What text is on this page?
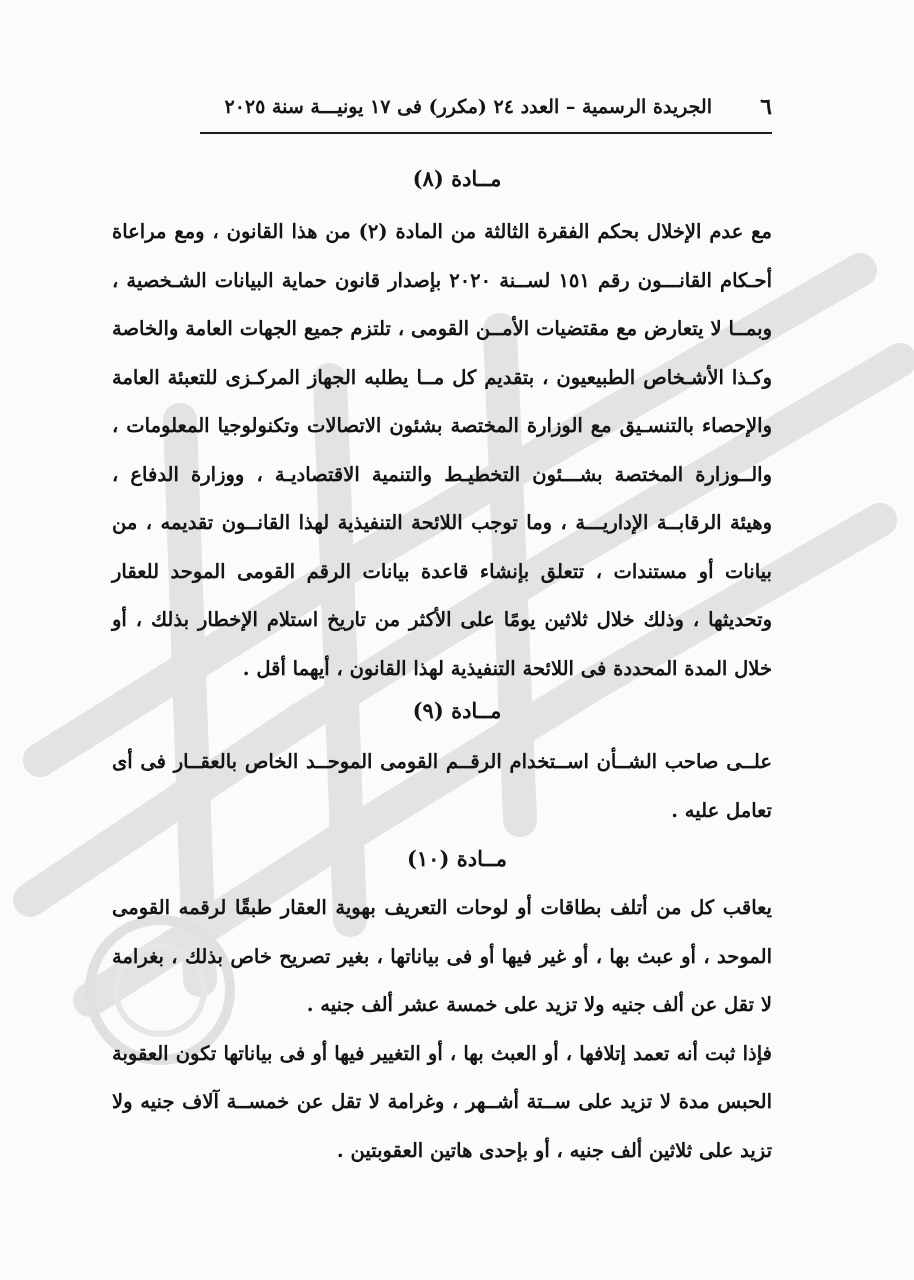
٦
الجريدة الرسمية – العدد ٢٤ (مكرر) فى ١٧ يونيـــة سنة ٢٠٢٥
مــادة (٨)

مع عدم الإخلال بحكم الفقرة الثالثة من المادة (٢) من هذا القانون ، ومع مراعاة أحـكام القانـــون رقم ١٥١ لســنة ٢٠٢٠ بإصدار قانون حماية البيانات الشـخصية ، وبمــا لا يتعارض مع مقتضيات الأمــن القومى ، تلتزم جميع الجهات العامة والخاصة وكـذا الأشـخاص الطبيعيون ، بتقديم كل مــا يطلبه الجهاز المركـزى للتعبئة العامة والإحصاء بالتنسـيق مع الوزارة المختصة بشئون الاتصالات وتكنولوجيا المعلومات ، والــوزارة المختصة بشـــئون التخطيـط والتنمية الاقتصاديـة ، ووزارة الدفاع ، وهيئة الرقابــة الإداريـــة ، وما توجب اللائحة التنفيذية لهذا القانــون تقديمه ، من بيانات أو مستندات ، تتعلق بإنشاء قاعدة بيانات الرقم القومى الموحد للعقار وتحديثها ، وذلك خلال ثلاثين يومًا على الأكثر من تاريخ استلام الإخطار بذلك ، أو خلال المدة المحددة فى اللائحة التنفيذية لهذا القانون ، أيهما أقل .

مــادة (٩)

علــى صاحب الشــأن اســتخدام الرقــم القومى الموحــد الخاص بالعقــار فى أى تعامل عليه .

مــادة (١٠)

يعاقب كل من أتلف بطاقات أو لوحات التعريف بهوية العقار طبقًا لرقمه القومى الموحد ، أو عبث بها ، أو غير فيها أو فى بياناتها ، بغير تصريح خاص بذلك ، بغرامة لا تقل عن ألف جنيه ولا تزيد على خمسة عشر ألف جنيه .

فإذا ثبت أنه تعمد إتلافها ، أو العبث بها ، أو التغيير فيها أو فى بياناتها تكون العقوبة الحبس مدة لا تزيد على ســتة أشــهر ، وغرامة لا تقل عن خمســة آلاف جنيه ولا تزيد على ثلاثين ألف جنيه ، أو بإحدى هاتين العقوبتين .
